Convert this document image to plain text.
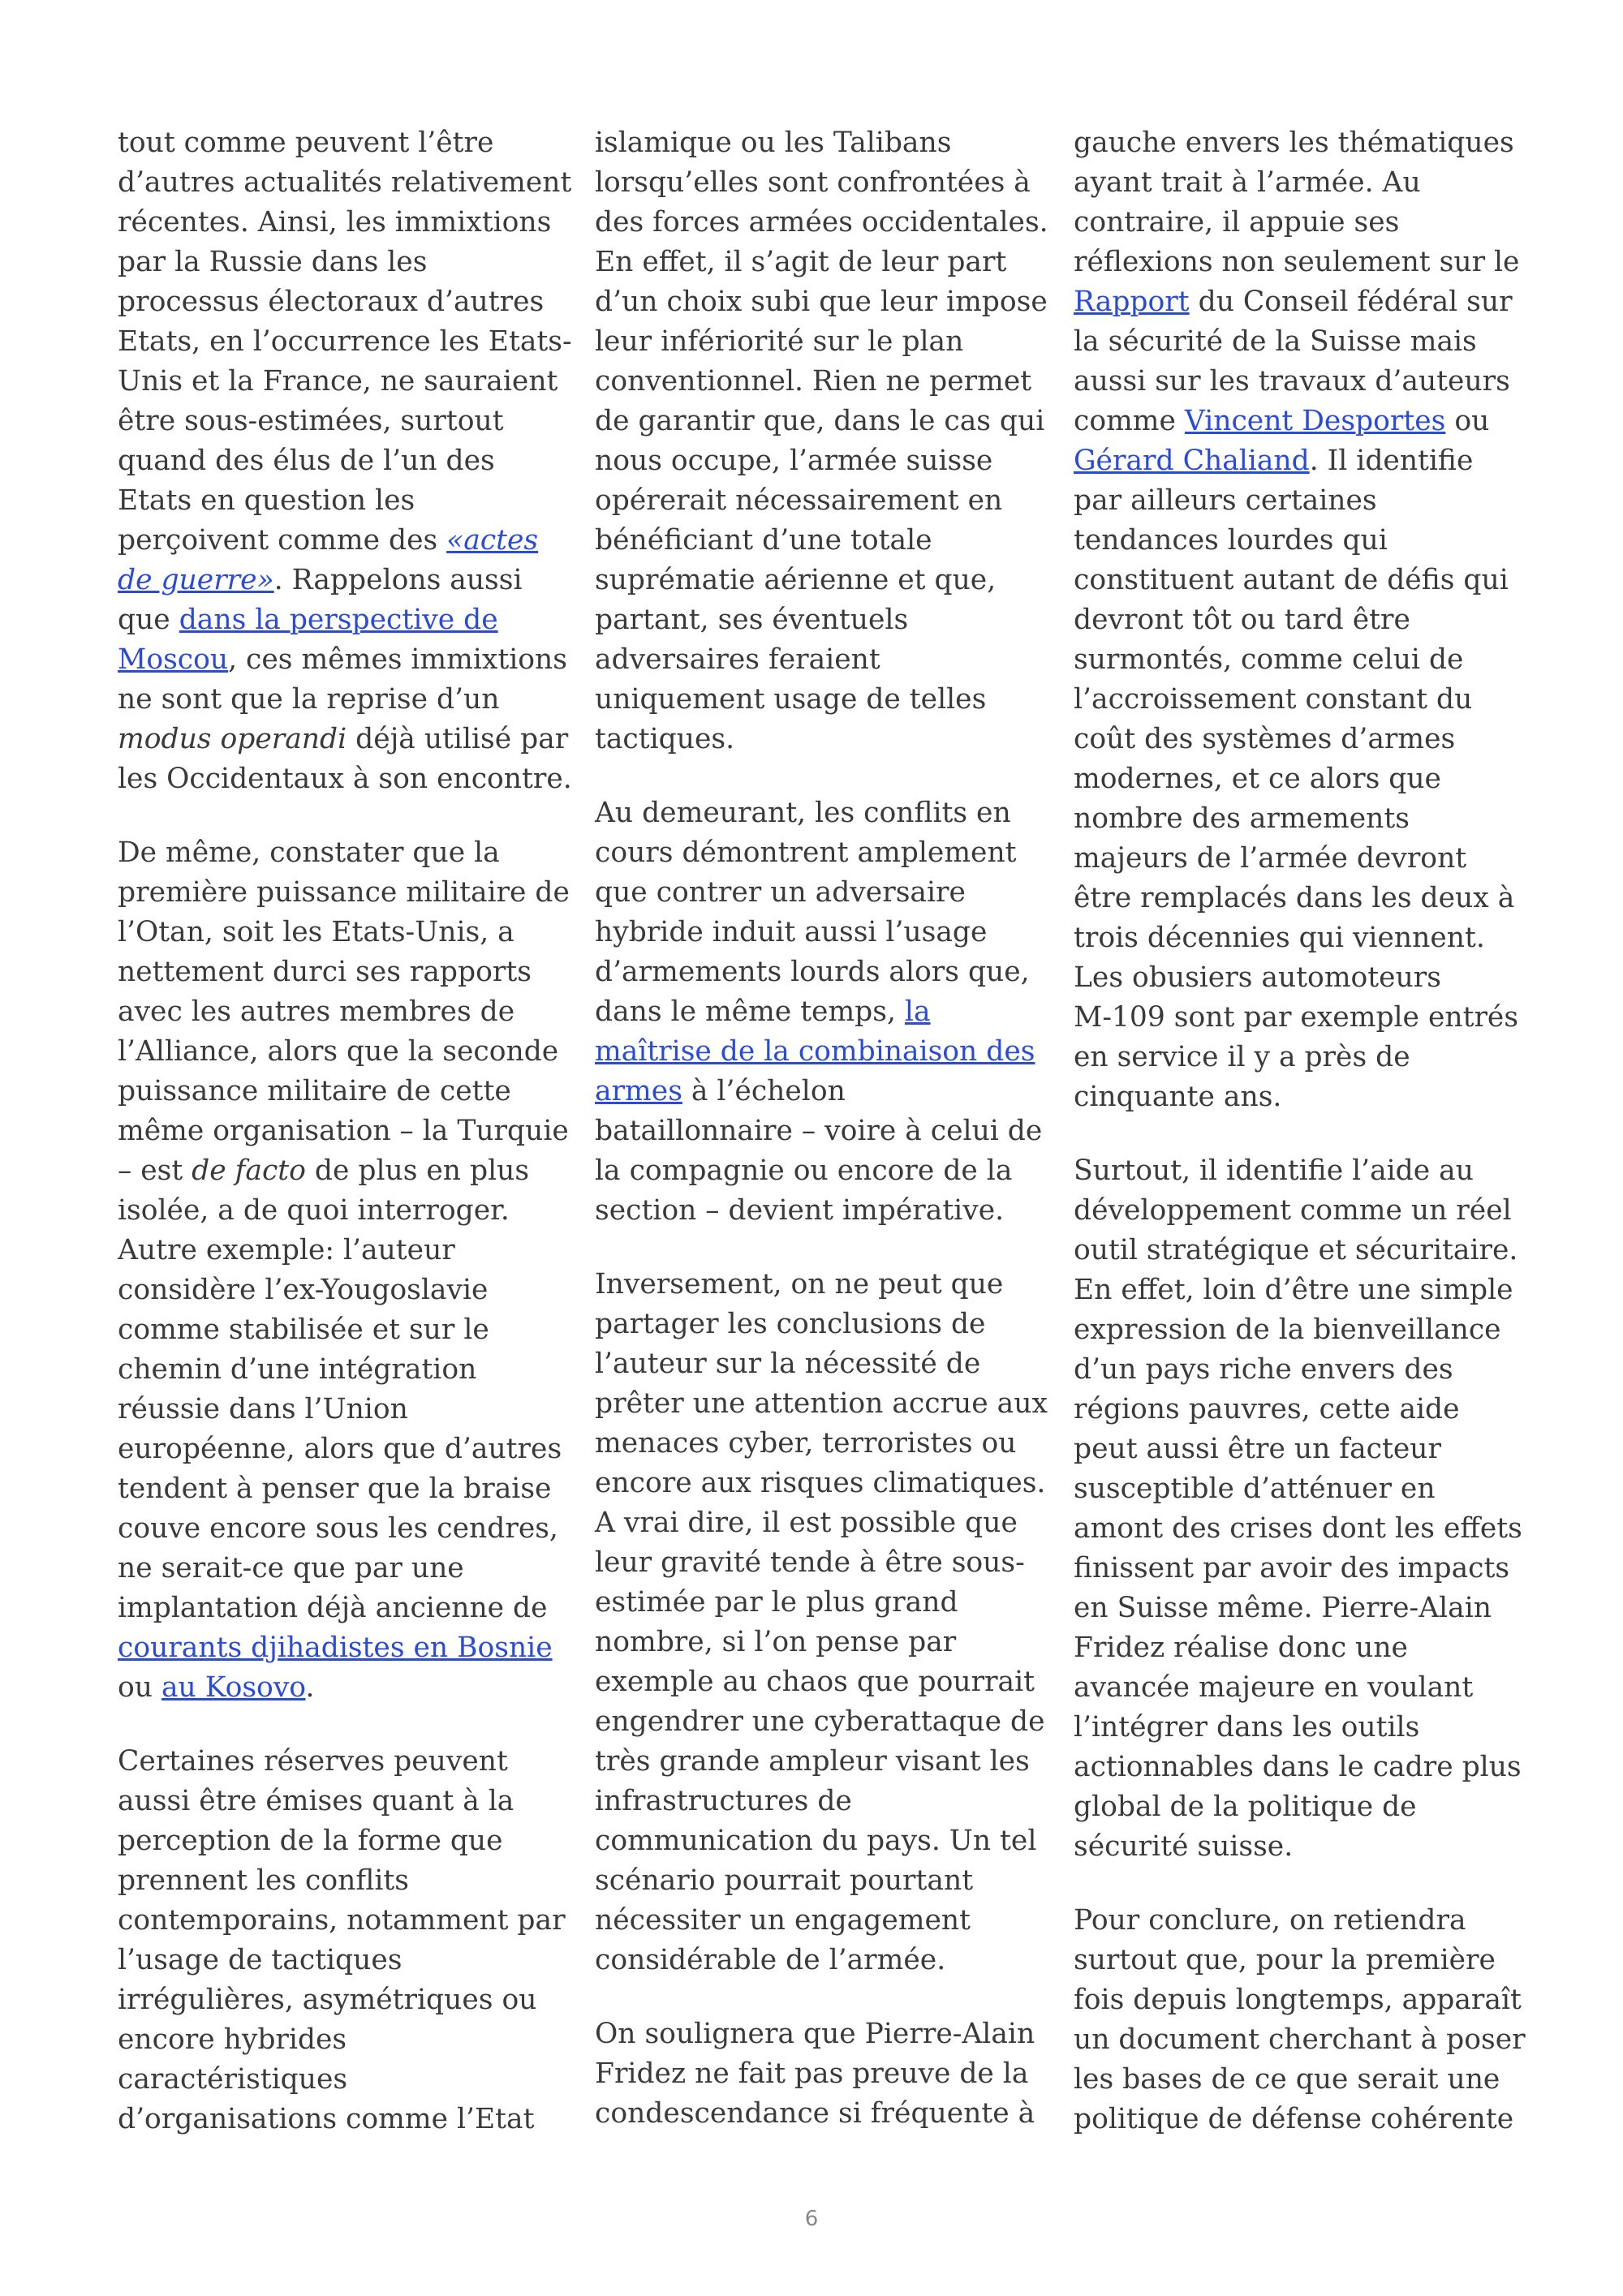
tout comme peuvent l’être
d’autres actualités relativement
récentes. Ainsi, les immixtions
par la Russie dans les
processus électoraux d’autres
Etats, en l’occurrence les Etats-
Unis et la France, ne sauraient
être sous-estimées, surtout
quand des élus de l’un des
Etats en question les
perçoivent comme des «actes
de guerre». Rappelons aussi
que dans la perspective de
Moscou, ces mêmes immixtions
ne sont que la reprise d’un
modus operandi déjà utilisé par
les Occidentaux à son encontre.

De même, constater que la
première puissance militaire de
l’Otan, soit les Etats-Unis, a
nettement durci ses rapports
avec les autres membres de
l’Alliance, alors que la seconde
puissance militaire de cette
même organisation – la Turquie
– est de facto de plus en plus
isolée, a de quoi interroger.
Autre exemple: l’auteur
considère l’ex-Yougoslavie
comme stabilisée et sur le
chemin d’une intégration
réussie dans l’Union
européenne, alors que d’autres
tendent à penser que la braise
couve encore sous les cendres,
ne serait-ce que par une
implantation déjà ancienne de
courants djihadistes en Bosnie
ou au Kosovo.

Certaines réserves peuvent
aussi être émises quant à la
perception de la forme que
prennent les conflits
contemporains, notamment par
l’usage de tactiques
irrégulières, asymétriques ou
encore hybrides
caractéristiques
d’organisations comme l’Etat

islamique ou les Talibans
lorsqu’elles sont confrontées à
des forces armées occidentales.
En effet, il s’agit de leur part
d’un choix subi que leur impose
leur infériorité sur le plan
conventionnel. Rien ne permet
de garantir que, dans le cas qui
nous occupe, l’armée suisse
opérerait nécessairement en
bénéficiant d’une totale
suprématie aérienne et que,
partant, ses éventuels
adversaires feraient
uniquement usage de telles
tactiques.

Au demeurant, les conflits en
cours démontrent amplement
que contrer un adversaire
hybride induit aussi l’usage
d’armements lourds alors que,
dans le même temps, la
maîtrise de la combinaison des
armes à l’échelon
bataillonnaire – voire à celui de
la compagnie ou encore de la
section – devient impérative.

Inversement, on ne peut que
partager les conclusions de
l’auteur sur la nécessité de
prêter une attention accrue aux
menaces cyber, terroristes ou
encore aux risques climatiques.
A vrai dire, il est possible que
leur gravité tende à être sous-
estimée par le plus grand
nombre, si l’on pense par
exemple au chaos que pourrait
engendrer une cyberattaque de
très grande ampleur visant les
infrastructures de
communication du pays. Un tel
scénario pourrait pourtant
nécessiter un engagement
considérable de l’armée.

On soulignera que Pierre-Alain
Fridez ne fait pas preuve de la
condescendance si fréquente à

gauche envers les thématiques
ayant trait à l’armée. Au
contraire, il appuie ses
réflexions non seulement sur le
Rapport du Conseil fédéral sur
la sécurité de la Suisse mais
aussi sur les travaux d’auteurs
comme Vincent Desportes ou
Gérard Chaliand. Il identifie
par ailleurs certaines
tendances lourdes qui
constituent autant de défis qui
devront tôt ou tard être
surmontés, comme celui de
l’accroissement constant du
coût des systèmes d’armes
modernes, et ce alors que
nombre des armements
majeurs de l’armée devront
être remplacés dans les deux à
trois décennies qui viennent.
Les obusiers automoteurs
M-109 sont par exemple entrés
en service il y a près de
cinquante ans.

Surtout, il identifie l’aide au
développement comme un réel
outil stratégique et sécuritaire.
En effet, loin d’être une simple
expression de la bienveillance
d’un pays riche envers des
régions pauvres, cette aide
peut aussi être un facteur
susceptible d’atténuer en
amont des crises dont les effets
finissent par avoir des impacts
en Suisse même. Pierre-Alain
Fridez réalise donc une
avancée majeure en voulant
l’intégrer dans les outils
actionnables dans le cadre plus
global de la politique de
sécurité suisse.

Pour conclure, on retiendra
surtout que, pour la première
fois depuis longtemps, apparaît
un document cherchant à poser
les bases de ce que serait une
politique de défense cohérente

6
